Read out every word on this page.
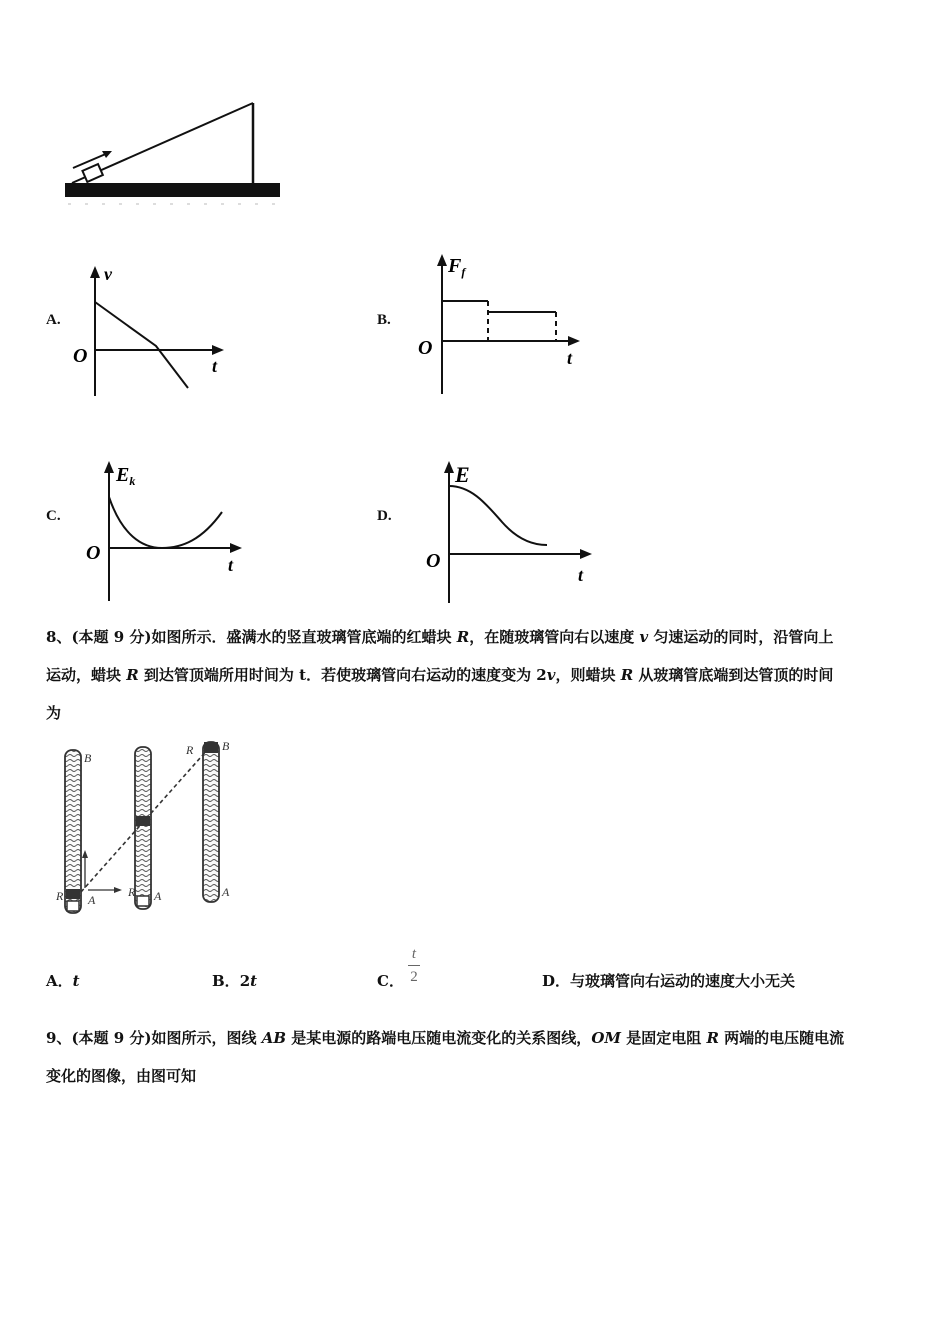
A.
v
O	t
B.
$F_f$
O	t
C.
$E_k$
O
t
D.
E
O
t
8、(本题 9 分)如图所示．盛满水的竖直玻璃管底端的红蜡块 R，在随玻璃管向右以速度 v 匀速运动的同时，沿管向上
运动，蜡块 R 到达管顶端所用时间为 t．若使玻璃管向右运动的速度变为 2v，则蜡块 R 从玻璃管底端到达管顶的时间
为
B
R A
R A
R B
A
A．t	B．2t	C．
t
2	D．与玻璃管向右运动的速度大小无关
9、(本题 9 分)如图所示，图线 AB 是某电源的路端电压随电流变化的关系图线，OM 是固定电阻 R 两端的电压随电流
变化的图像，由图可知
